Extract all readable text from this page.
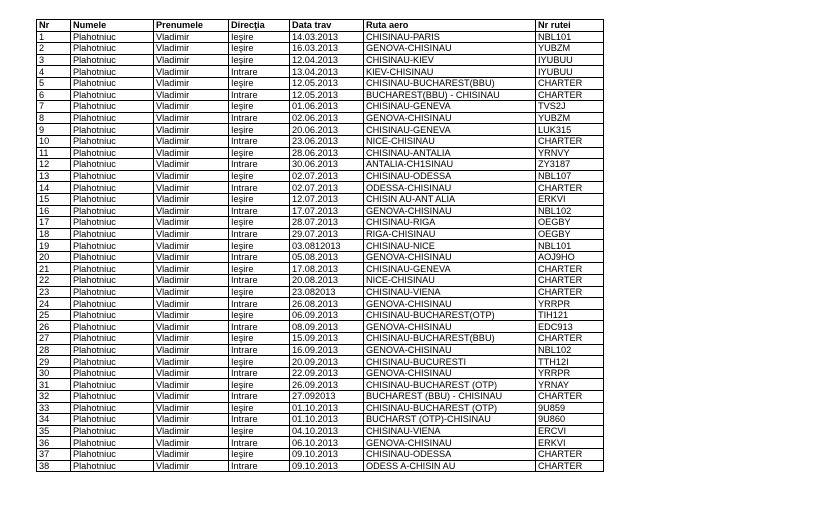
Nr	Numele	Prenumele	Direcţia	Data trav	Ruta aero	Nr rutei
1	Plahotniuc	Vladimir	Ieşire	14.03.2013	CHISINAU-PARIS	NBL101
2	Plahotniuc	Vladimir	Ieşire	16.03.2013	GENOVA-CHISINAU	YUBZM
3	Plahotniuc	Vladimir	Ieşire	12.04.2013	CHISINAU-KIEV	IYUBUU
4	Plahotniuc	Vladimir	Intrare	13.04.2013	KIEV-CHISINAU	IYUBUU
5	Plahotniuc	Vladimir	Ieşire	12.05.2013	CHISINAU-BUCHAREST(BBU)	CHARTER
6	Plahotniuc	Vladimir	Intrare	12.05.2013	BUCHAREST(BBU) - CHISINAU	CHARTER
7	Plahotniuc	Vladimir	Ieşire	01.06.2013	CHISINAU-GENEVA	TVS2J
8	Plahotniuc	Vladimir	Intrare	02.06.2013	GENOVA-CHISINAU	YUBZM
9	Plahotniuc	Vladimir	Ieşire	20.06.2013	CHISINAU-GENEVA	LUK315
10	Plahotniuc	Vladimir	Intrare	23.06.2013	NICE-CHISINAU	CHARTER
11	Plahotniuc	Vladimir	Ieşire	28.06.2013	CHISINAU-ANTALIA	YRNVY
12	Plahotniuc	Vladimir	Intrare	30.06.2013	ANTALIA-CH1SINAU	ZY3187
13	Plahotniuc	Vladimir	Ieşire	02.07.2013	CHISINAU-ODESSA	NBL107
14	Plahotniuc	Vladimir	Intrare	02.07.2013	ODESSA-CHISINAU	CHARTER
15	Plahotniuc	Vladimir	Ieşire	12.07.2013	CHISIN AU-ANT ALIA	ERKVI
16	Plahotniuc	Vladimir	Intrare	17.07.2013	GENOVA-CHISINAU	NBL102
17	Plahotniuc	Vladimir	Ieşire	28.07.2013	CHISINAU-RIGA	OEGBY
18	Plahotniuc	Vladimir	Intrare	29.07.2013	RIGA-CHISINAU	OEGBY
19	Plahotniuc	Vladimir	Ieşire	03.0812013	CHISINAU-NICE	NBL101
20	Plahotniuc	Vladimir	Intrare	05.08.2013	GENOVA-CHISINAU	AOJ9HO
21	Plahotniuc	Vladimir	Ieşire	17.08.2013	CHISINAU-GENEVA	CHARTER
22	Plahotniuc	Vladimir	Intrare	20.08.2013	NICE-CHISINAU	CHARTER
23	Plahotniuc	Vladimir	Ieşire	23.082013	CHISINAU-VIENA	CHARTER
24	Plahotniuc	Vladimir	Intrare	26.08.2013	GENOVA-CHISINAU	YRRPR
25	Plahotniuc	Vladimir	Ieşire	06.09.2013	CHISINAU-BUCHAREST(OTP)	TIH121
26	Plahotniuc	Vladimir	Intrare	08.09.2013	GENOVA-CHISINAU	EDC913
27	Plahotniuc	Vladimir	Ieşire	15.09.2013	CHISINAU-BUCHAREST(BBU)	CHARTER
28	Plahotniuc	Vladimir	Intrare	16.09.2013	GENOVA-CHISINAU	NBL102
29	Plahotniuc	Vladimir	Ieşire	20.09.2013	CHISINAU-BUCURESTI	TTH12I
30	Plahotniuc	Vladimir	Intrare	22.09.2013	GENOVA-CHISINAU	YRRPR
31	Plahotniuc	Vladimir	Ieşire	26.09.2013	CHISINAU-BUCHAREST (OTP)	YRNAY
32	Plahotniuc	Vladimir	Intrare	27.092013	BUCHAREST (BBU) - CHISINAU	CHARTER
33	Plahotniuc	Vladimir	Ieşire	01.10.2013	CHISINAU-BUCHAREST (OTP)	9U859
34	Plahotniuc	Vladimir	Intrare	01.10.2013	BUCHARST (OTP)-CHISINAU	9U860
35	Plahotniuc	Vladimir	Ieşire	04.10.2013	CHISINAU-VIENA	ERCVI
36	Plahotniuc	Vladimir	Intrare	06.10.2013	GENOVA-CHISINAU	ERKVI
37	Plahotniuc	Vladimir	Ieşire	09.10.2013	CHISINAU-ODESSA	CHARTER
38	Plahotniuc	Vladimir	Intrare	09.10.2013	ODESS A-CHISIN AU	CHARTER
